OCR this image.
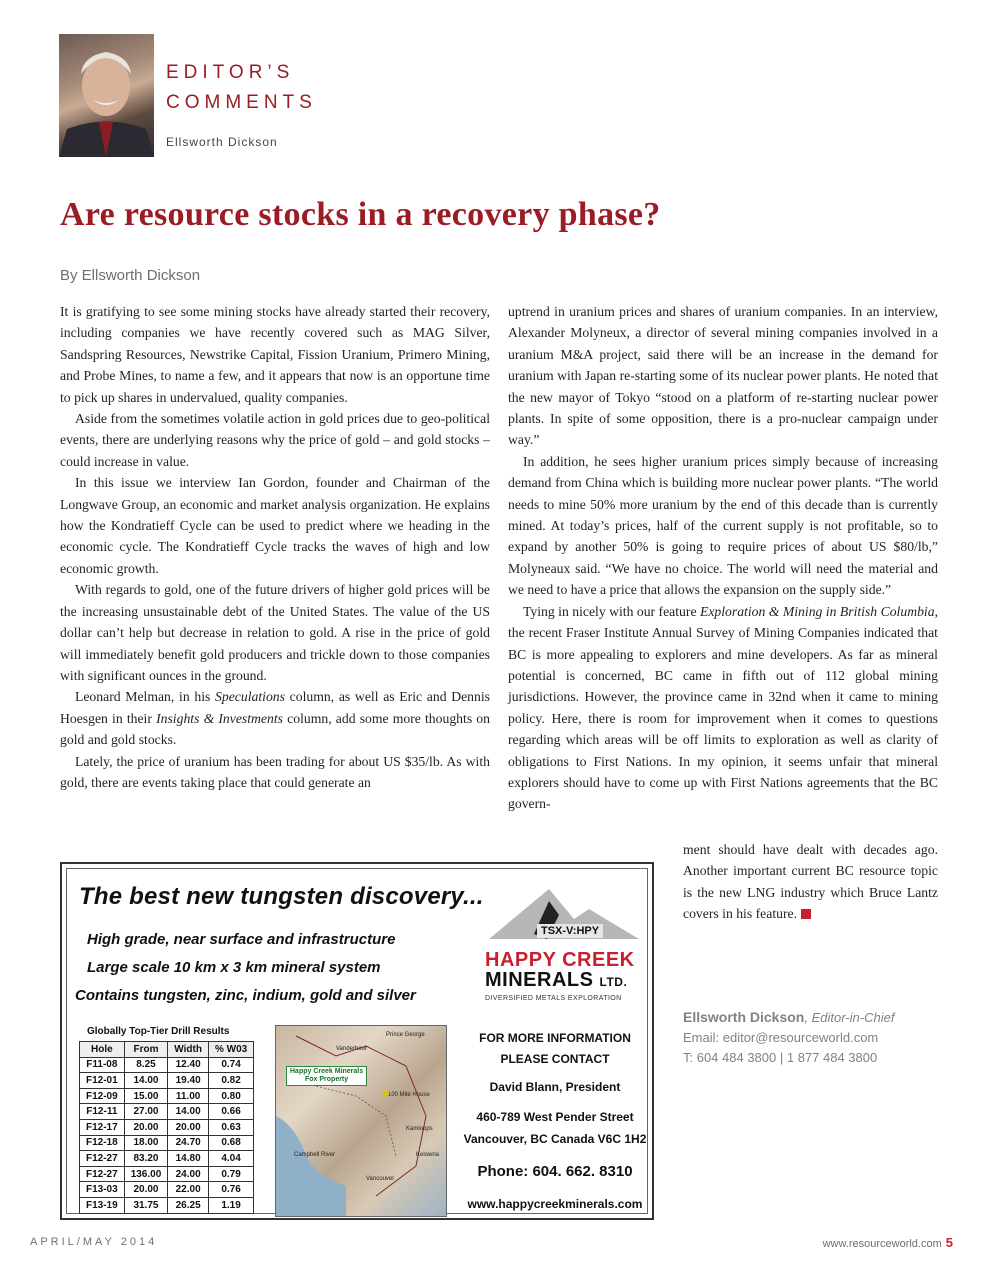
EDITOR’S
COMMENTS
Ellsworth Dickson
Are resource stocks in a recovery phase?
By Ellsworth Dickson

It is gratifying to see some mining stocks have already started their recovery, including companies we have recently covered such as MAG Silver, Sandspring Resources, Newstrike Capital, Fission Uranium, Primero Mining, and Probe Mines, to name a few, and it appears that now is an opportune time to pick up shares in undervalued, quality companies.

Aside from the sometimes volatile action in gold prices due to geo-political events, there are underlying reasons why the price of gold – and gold stocks – could increase in value.

In this issue we interview Ian Gordon, founder and Chairman of the Longwave Group, an economic and market analysis organization. He explains how the Kondratieff Cycle can be used to predict where we heading in the economic cycle. The Kondratieff Cycle tracks the waves of high and low economic growth.

With regards to gold, one of the future drivers of higher gold prices will be the increasing unsustainable debt of the United States. The value of the US dollar can’t help but decrease in relation to gold. A rise in the price of gold will immediately benefit gold producers and trickle down to those companies with significant ounces in the ground.

Leonard Melman, in his Speculations column, as well as Eric and Dennis Hoesgen in their Insights & Investments column, add some more thoughts on gold and gold stocks.

Lately, the price of uranium has been trading for about US $35/lb. As with gold, there are events taking place that could generate an

uptrend in uranium prices and shares of uranium companies. In an interview, Alexander Molyneux, a director of several mining companies involved in a uranium M&A project, said there will be an increase in the demand for uranium with Japan re-starting some of its nuclear power plants. He noted that the new mayor of Tokyo “stood on a platform of re-starting nuclear power plants. In spite of some opposition, there is a pro-nuclear campaign under way.”

In addition, he sees higher uranium prices simply because of increasing demand from China which is building more nuclear power plants. “The world needs to mine 50% more uranium by the end of this decade than is currently mined. At today’s prices, half of the current supply is not profitable, so to expand by another 50% is going to require prices of about US $80/lb,” Molyneaux said. “We have no choice. The world will need the material and we need to have a price that allows the expansion on the supply side.”

Tying in nicely with our feature Exploration & Mining in British Columbia, the recent Fraser Institute Annual Survey of Mining Companies indicated that BC is more appealing to explorers and mine developers. As far as mineral potential is concerned, BC came in fifth out of 112 global mining jurisdictions. However, the province came in 32nd when it came to mining policy. Here, there is room for improvement when it comes to questions regarding which areas will be off limits to exploration as well as clarity of obligations to First Nations. In my opinion, it seems unfair that mineral explorers should have to come up with First Nations agreements that the BC govern-

ment should have dealt with decades ago. Another important current BC resource topic is the new LNG industry which Bruce Lantz covers in his feature.

Ellsworth Dickson, Editor-in-Chief
Email: editor@resourceworld.com
T: 604 484 3800 | 1 877 484 3800
The best new tungsten discovery...
High grade, near surface and infrastructure
Large scale 10 km x 3 km mineral system
Contains tungsten, zinc, indium, gold and silver
TSX-V:HPY
HAPPY CREEK
MINERALS LTD.
DIVERSIFIED METALS EXPLORATION
Globally Top-Tier Drill Results
Hole	From	Width	% W03
F11-08	8.25	12.40	0.74
F12-01	14.00	19.40	0.82
F12-09	15.00	11.00	0.80
F12-11	27.00	14.00	0.66
F12-17	20.00	20.00	0.63
F12-18	18.00	24.70	0.68
F12-27	83.20	14.80	4.04
F12-27	136.00	24.00	0.79
F13-03	20.00	22.00	0.76
F13-19	31.75	26.25	1.19
Prince George
Vanderhoof
100 Mile House
Kamloops
Campbell River
Vancouver
Kelowna
Happy Creek Minerals
Fox Property
★
FOR MORE INFORMATION
PLEASE CONTACT
David Blann, President
460-789 West Pender Street
Vancouver, BC Canada V6C 1H2
Phone: 604. 662. 8310
www.happycreekminerals.com
APRIL/MAY 2014	www.resourceworld.com 5
